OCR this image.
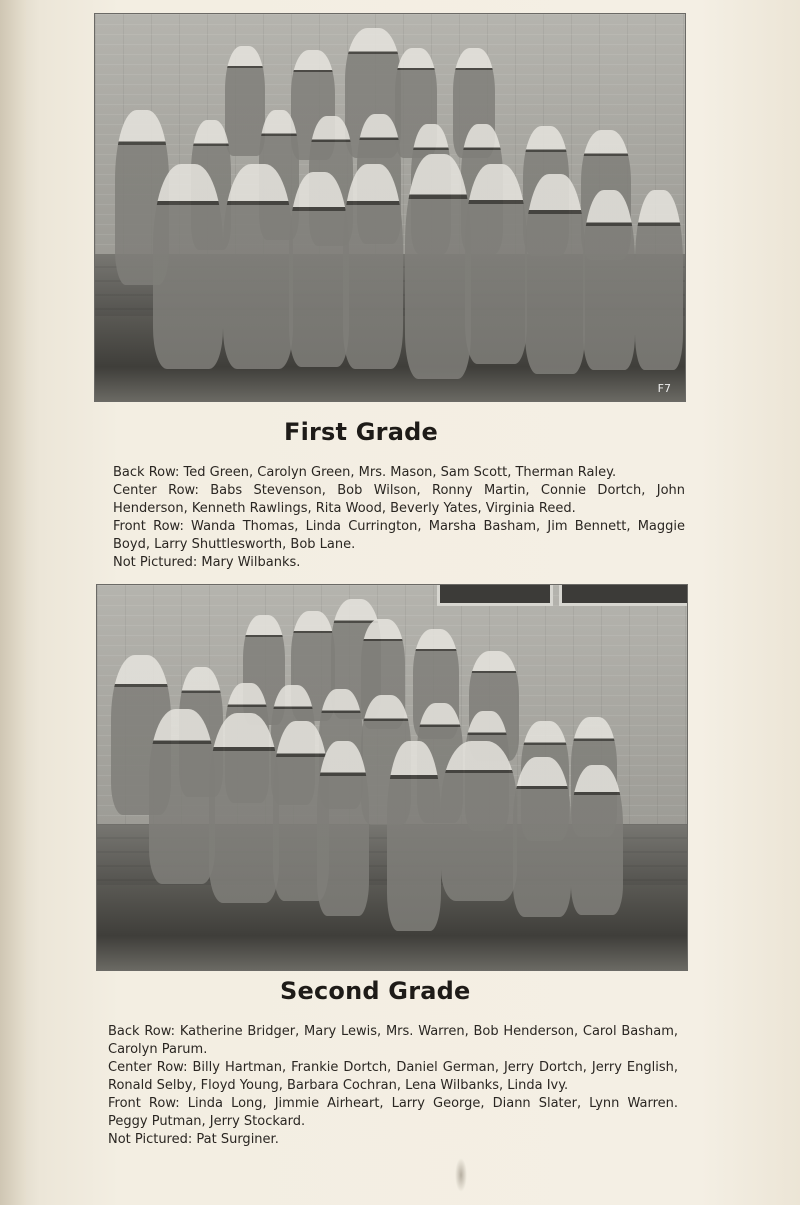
F7
First Grade

Back Row: Ted Green, Carolyn Green, Mrs. Mason, Sam Scott, Therman Raley.

Center Row: Babs Stevenson, Bob Wilson, Ronny Martin, Connie Dortch, John Henderson, Kenneth Rawlings, Rita Wood, Beverly Yates, Virginia Reed.

Front Row: Wanda Thomas, Linda Currington, Marsha Basham, Jim Bennett, Maggie Boyd, Larry Shuttlesworth, Bob Lane.

Not Pictured: Mary Wilbanks.

Second Grade

Back Row: Katherine Bridger, Mary Lewis, Mrs. Warren, Bob Henderson, Carol Basham, Carolyn Parum.

Center Row: Billy Hartman, Frankie Dortch, Daniel German, Jerry Dortch, Jerry English, Ronald Selby, Floyd Young, Barbara Cochran, Lena Wilbanks, Linda Ivy.

Front Row: Linda Long, Jimmie Airheart, Larry George, Diann Slater, Lynn Warren. Peggy Putman, Jerry Stockard.

Not Pictured: Pat Surginer.
